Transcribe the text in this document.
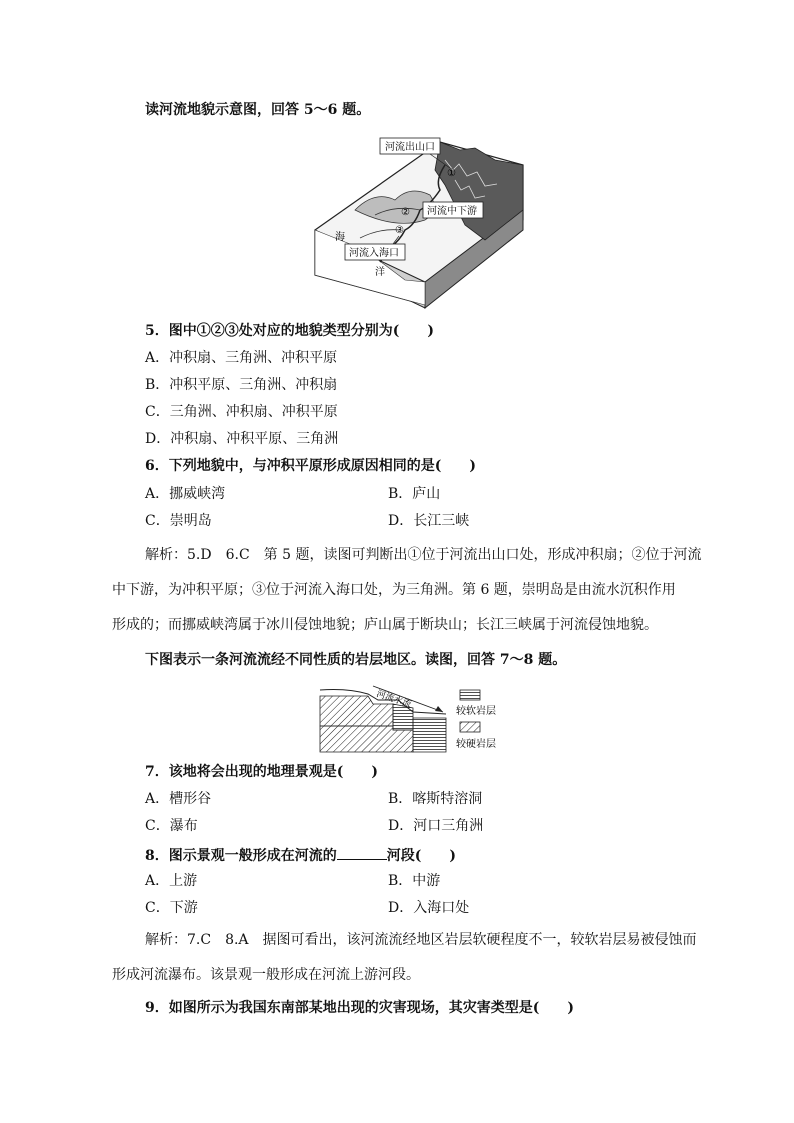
读河流地貌示意图，回答 5～6 题。
河流出山口
①
② 河流中下游
③
河流入海口
海
洋
5．图中①②③处对应的地貌类型分别为(　　)
A．冲积扇、三角洲、冲积平原
B．冲积平原、三角洲、冲积扇
C．三角洲、冲积扇、冲积平原
D．冲积扇、冲积平原、三角洲
6．下列地貌中，与冲积平原形成原因相同的是(　　)
A．挪威峡湾	B．庐山
C．崇明岛	D．长江三峡
解析：5.D　6.C　第 5 题，读图可判断出①位于河流出山口处，形成冲积扇；②位于河流
中下游，为冲积平原；③位于河流入海口处，为三角洲。第 6 题，崇明岛是由流水沉积作用
形成的；而挪威峡湾属于冰川侵蚀地貌；庐山属于断块山；长江三峡属于河流侵蚀地貌。
下图表示一条河流流经不同性质的岩层地区。读图，回答 7～8 题。
河流水流
较软岩层
较硬岩层
7．该地将会出现的地理景观是(　　)
A．槽形谷	B．喀斯特溶洞
C．瀑布	D．河口三角洲
8．图示景观一般形成在河流的	河段(　　)
A．上游	B．中游
C．下游	D．入海口处
解析：7.C　8.A　据图可看出，该河流流经地区岩层软硬程度不一，较软岩层易被侵蚀而
形成河流瀑布。该景观一般形成在河流上游河段。
9．如图所示为我国东南部某地出现的灾害现场，其灾害类型是(　　)
